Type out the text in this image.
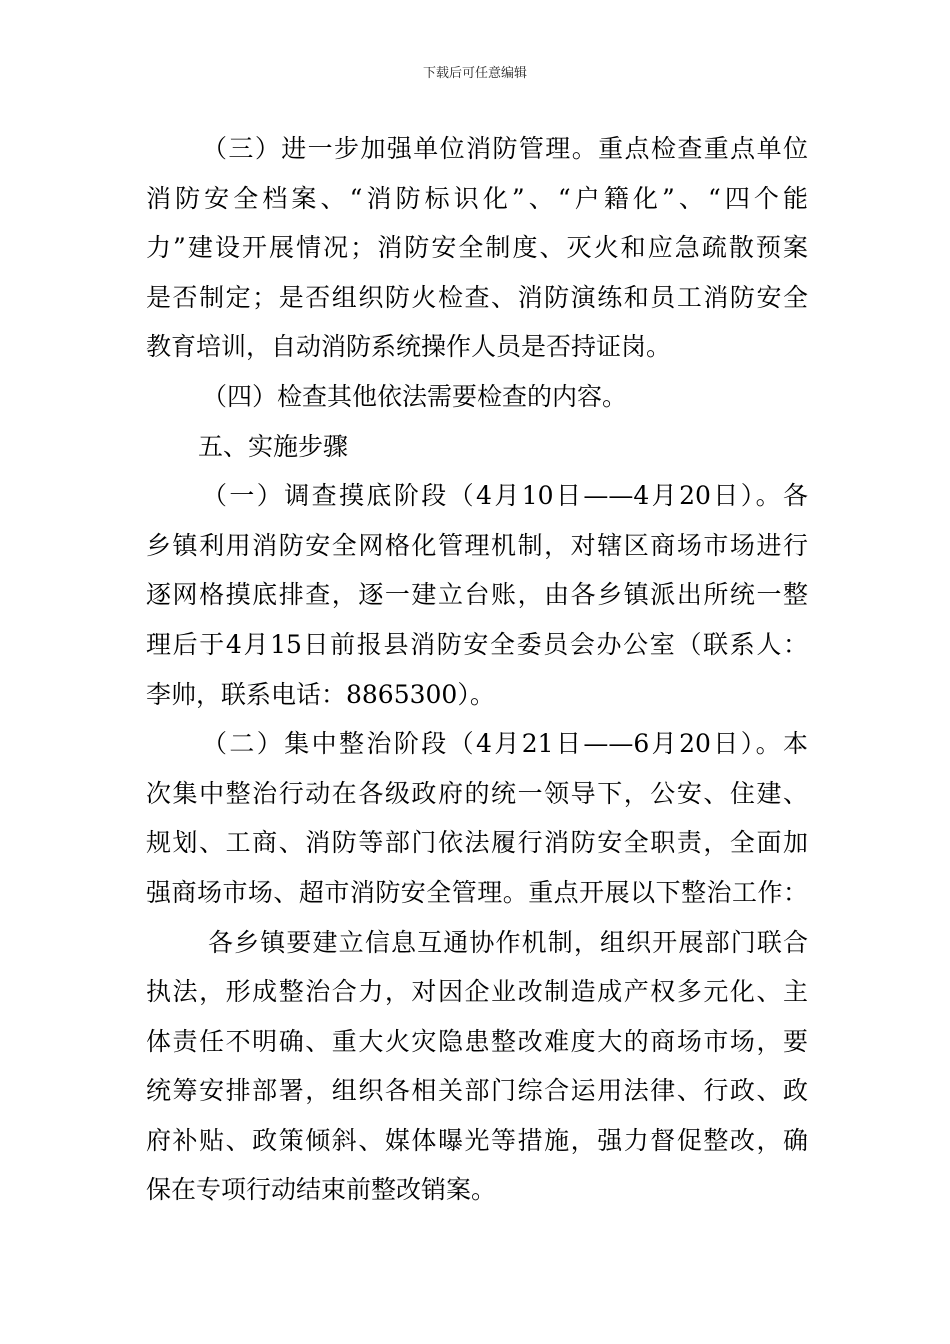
下载后可任意编辑
（三）进一步加强单位消防管理。重点检查重点单位
消防安全档案、“消防标识化”、“户籍化”、“四个能
力”建设开展情况；消防安全制度、灭火和应急疏散预案
是否制定；是否组织防火检查、消防演练和员工消防安全
教育培训，自动消防系统操作人员是否持证岗。
（四）检查其他依法需要检查的内容。
五、实施步骤
（一）调查摸底阶段（4月10日——4月20日）。各
乡镇利用消防安全网格化管理机制，对辖区商场市场进行
逐网格摸底排查，逐一建立台账，由各乡镇派出所统一整
理后于4月15日前报县消防安全委员会办公室（联系人：
李帅，联系电话：8865300）。
（二）集中整治阶段（4月21日——6月20日）。本
次集中整治行动在各级政府的统一领导下，公安、住建、
规划、工商、消防等部门依法履行消防安全职责，全面加
强商场市场、超市消防安全管理。重点开展以下整治工作：
各乡镇要建立信息互通协作机制，组织开展部门联合
执法，形成整治合力，对因企业改制造成产权多元化、主
体责任不明确、重大火灾隐患整改难度大的商场市场，要
统筹安排部署，组织各相关部门综合运用法律、行政、政
府补贴、政策倾斜、媒体曝光等措施，强力督促整改，确
保在专项行动结束前整改销案。
